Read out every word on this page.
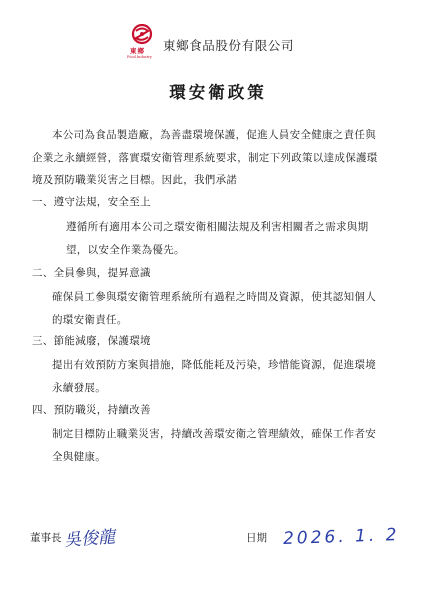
東鄉
Food Industry
東鄉食品股份有限公司
環安衛政策
本公司為食品製造廠，為善盡環境保護，促進人員安全健康之責任與
企業之永續經營，落實環安衛管理系統要求，制定下列政策以達成保護環
境及預防職業災害之目標。因此，我們承諾
一、遵守法規，安全至上
遵循所有適用本公司之環安衛相關法規及利害相關者之需求與期
望，以安全作業為優先。
二、全員參與，提昇意識
確保員工參與環安衛管理系統所有過程之時間及資源，使其認知個人
的環安衛責任。
三、節能減廢，保護環境
提出有效預防方案與措施，降低能耗及污染，珍惜能資源，促進環境
永續發展。
四、預防職災，持續改善
制定目標防止職業災害，持續改善環安衛之管理績效，確保工作者安
全與健康。
董事長 吳俊龍	日期 2026. 1. 2
